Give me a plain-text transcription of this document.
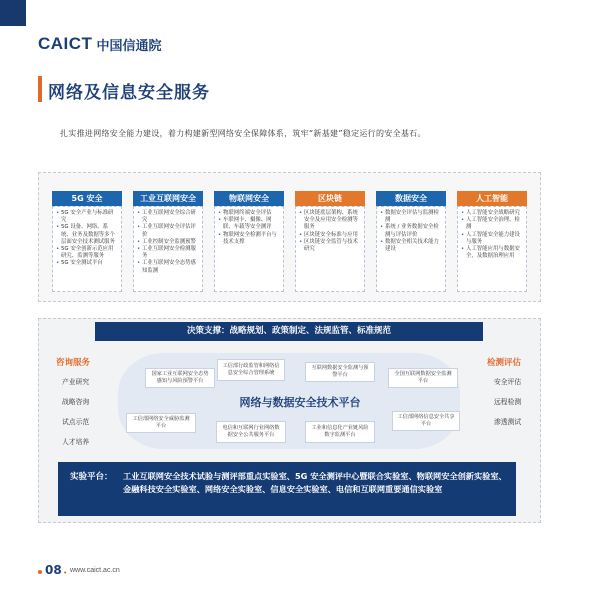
CAICT 中国信通院
网络及信息安全服务
扎实推进网络安全能力建设，着力构建新型网络安全保障体系，筑牢“新基建”稳定运行的安全基石。
5G 安全
• 5G 安全产业与标准研究
• 5G 设备、网络、系统、业务及数据等多个层面安全技术测试服务
• 5G 安全创新示范应用研究、监测等服务
• 5G 安全测试平台
工业互联网安全
• 工业互联网安全综合研究
• 工业互联网安全评估评价
• 工业控制安全监测预警
• 工业互联网安全检测服务
• 工业互联网安全态势感知监测
物联网安全
• 物联网终端安全评估
• 车联网卡、摄像、网联、车载等安全测评
• 物联网安全检测平台与技术支撑
区块链
• 区块链底层架构、系统安全及应用安全检测等服务
• 区块链安全标准与应用
• 区块链安全监管与技术研究
数据安全
• 数据安全评估与监测检测
• 系统 / 业务数据安全检测与评估评价
• 数据安全相关技术能力建设
人工智能
• 人工智能安全战略研究
• 人工智能安全治理、检测
• 人工智能安全能力建设与服务
• 人工智能应用与数据安全，及数据治理应用
决策支撑：战略规划、政策制定、法规监管、标准规范
咨询服务
产业研究
战略咨询
试点示范
人才培养
检测评估
安全评估
远程检测
渗透测试
国家工业互联网安全态势感知与风险预警平台
工信部行政监管和网络信息安全综合管理系统
互联网数据安全监测与预警平台	全国互联网数据安全监测平台
网络与数据安全技术平台
工信部网络安全威胁监测平台	电信和互联网行业网络数据安全公共服务平台
工业和信息化产业链风险数字监测平台
工信部网络信息安全共享平台
实验平台： 工业互联网安全技术试验与测评部重点实验室、5G 安全测评中心暨联合实验室、物联网安全创新实验室、金融科技安全实验室、网络安全实验室、信息安全实验室、电信和互联网重要通信实验室
08 • www.caict.ac.cn
